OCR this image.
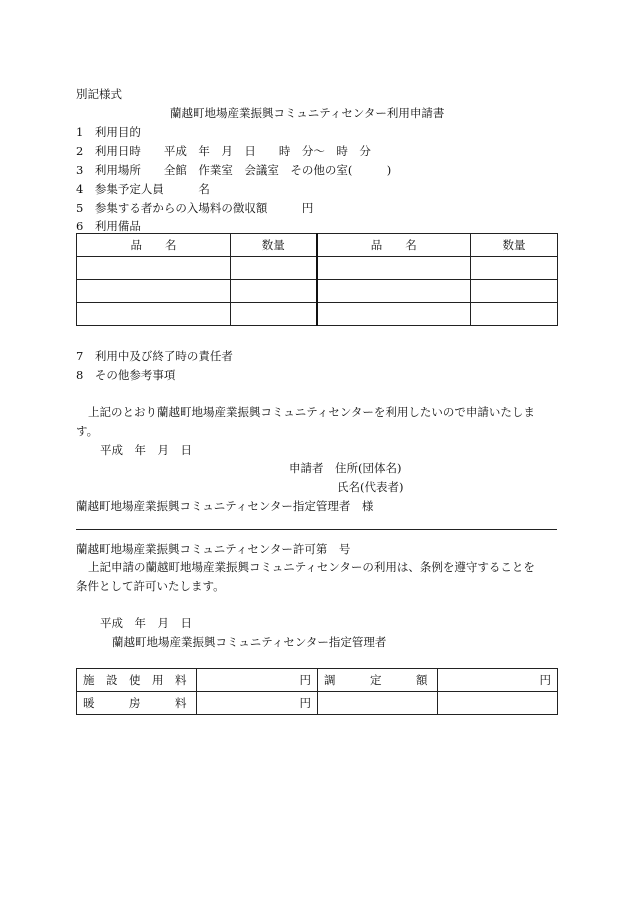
別記様式
蘭越町地場産業振興コミュニティセンター利用申請書
1　利用目的
2　利用日時　　平成　年　月　日　　時　分～　時　分
3　利用場所　　全館　作業室　会議室　その他の室(　　　)
4　参集予定人員　　　名
5　参集する者からの入場料の徴収額　　　円
6　利用備品
品　　名	数量	品　　名	数量

7　利用中及び終了時の責任者
8　その他参考事項
上記のとおり蘭越町地場産業振興コミュニティセンターを利用したいので申請いたしま
す。
平成　年　月　日
申請者　住所(団体名)
氏名(代表者)
蘭越町地場産業振興コミュニティセンター指定管理者　様
蘭越町地場産業振興コミュニティセンター許可第　号
上記申請の蘭越町地場産業振興コミュニティセンターの利用は、条例を遵守することを
条件として許可いたします。
平成　年　月　日
蘭越町地場産業振興コミュニティセンター指定管理者
施　設　使　用　料	円	調　　　定　　　額	円
暖　　　房　　　料	円		
